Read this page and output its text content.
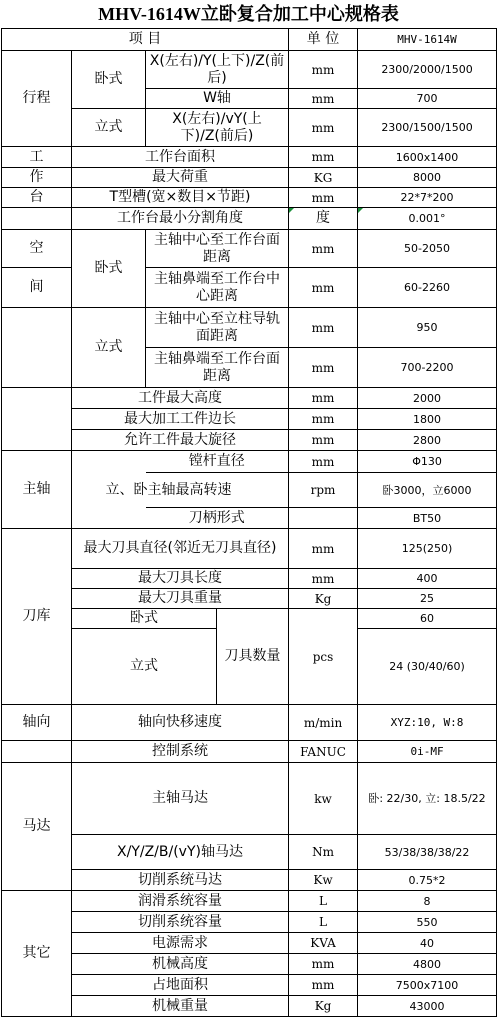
MHV-1614W立卧复合加工中心规格表
项 目				单 位	MHV-1614W
行程	卧式	X(左右)/Y(上下)/Z(前后)		mm	2300/2000/1500
		W轴		mm	700
	立式	X(左右)/vY(上下)/Z(前后)		mm	2300/1500/1500

工	工作台面积			mm	1600x1400
作	最大荷重			KG	8000
台	T型槽(宽×数目×节距)			mm	22*7*200
	工作台最小分割角度			度	0.001°
空	卧式	主轴中心至工作台面距离		mm	50-2050
间		主轴鼻端至工作台中心距离		mm	60-2260
	立式	主轴中心至立柱导轨面距离		mm	950
		主轴鼻端至工作台面距离		mm	700-2200
	工件最大高度			mm	2000
	最大加工工件边长			mm	1800
	允许工件最大旋径			mm	2800
主轴		镗杆直径		mm	Φ130

		立、卧主轴最高转速		rpm	卧3000，立6000
		刀柄形式			BT50
刀库	最大刀具直径(邻近无刀具直径)			mm	125(250)
	最大刀具长度			mm	400
	最大刀具重量			Kg	25
	卧式		刀具数量	pcs	60
	立式				24 (30/40/60)

轴向	轴向快移速度			m/min	XYZ:10, W:8
	控制系统			FANUC	0i-MF
马达	主轴马达			kw	卧: 22/30, 立: 18.5/22
	X/Y/Z/B/(vY)轴马达			Nm	53/38/38/38/22
	切削系统马达			Kw	0.75*2
其它	润滑系统容量			L	8
	切削系统容量			L	550
	电源需求			KVA	40
	机械高度			mm	4800
	占地面积			mm	7500x7100
	机械重量			Kg	43000
